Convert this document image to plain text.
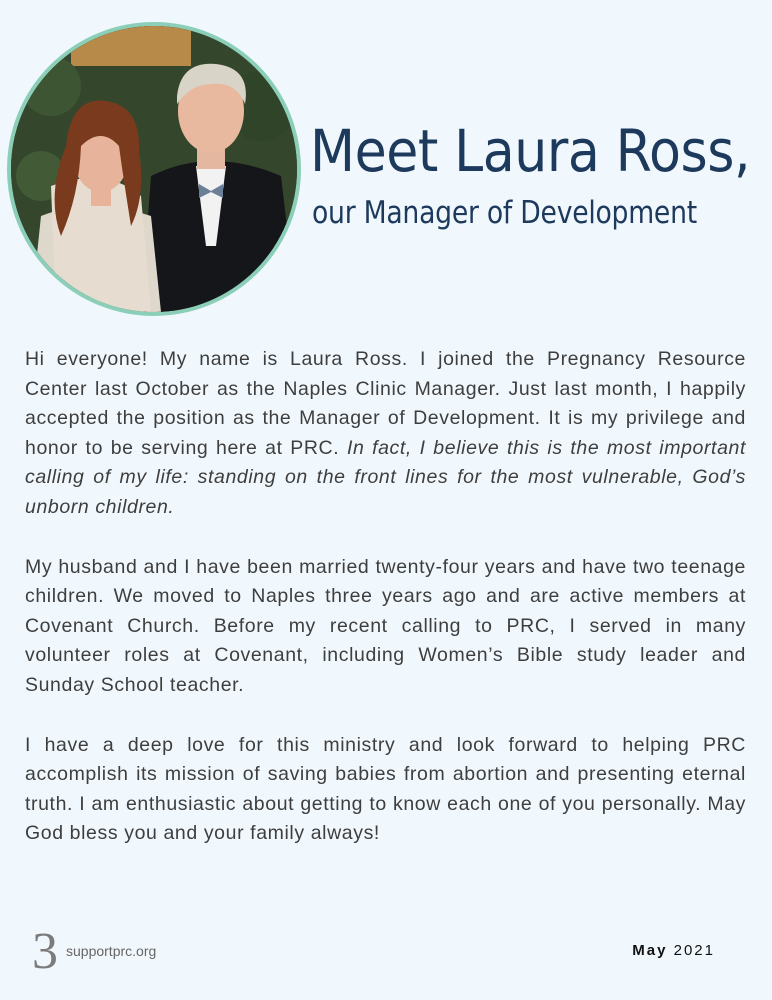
Meet Laura Ross,
our Manager of Development

Hi everyone! My name is Laura Ross. I joined the Pregnancy Resource Center last October as the Naples Clinic Manager. Just last month, I happily accepted the position as the Manager of Development. It is my privilege and honor to be serving here at PRC. In fact, I believe this is the most important calling of my life: standing on the front lines for the most vulnerable, God’s unborn children.

My husband and I have been married twenty-four years and have two teenage children. We moved to Naples three years ago and are active members at Covenant Church. Before my recent calling to PRC, I served in many volunteer roles at Covenant, including Women’s Bible study leader and Sunday School teacher.

I have a deep love for this ministry and look forward to helping PRC accomplish its mission of saving babies from abortion and presenting eternal truth. I am enthusiastic about getting to know each one of you personally. May God bless you and your family always!

3 supportprc.org	May 2021
